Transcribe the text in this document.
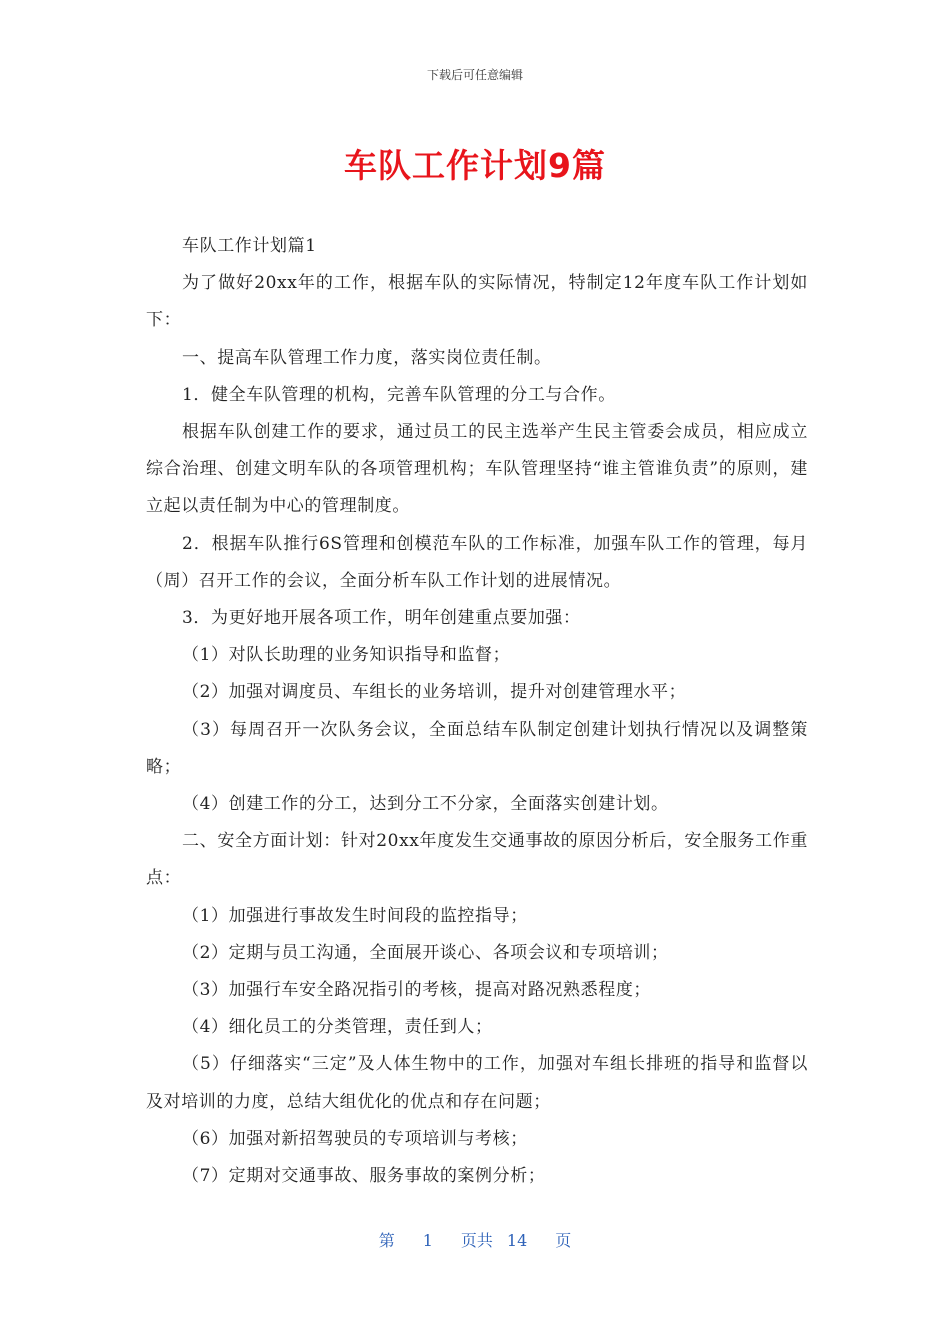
下载后可任意编辑
车队工作计划9篇

车队工作计划篇1

为了做好20xx年的工作，根据车队的实际情况，特制定12年度车队工作计划如下：

一、提高车队管理工作力度，落实岗位责任制。

1．健全车队管理的机构，完善车队管理的分工与合作。

根据车队创建工作的要求，通过员工的民主选举产生民主管委会成员，相应成立综合治理、创建文明车队的各项管理机构；车队管理坚持“谁主管谁负责”的原则，建立起以责任制为中心的管理制度。

2．根据车队推行6S管理和创模范车队的工作标准，加强车队工作的管理，每月（周）召开工作的会议，全面分析车队工作计划的进展情况。

3．为更好地开展各项工作，明年创建重点要加强：

（1）对队长助理的业务知识指导和监督；

（2）加强对调度员、车组长的业务培训，提升对创建管理水平；

（3）每周召开一次队务会议，全面总结车队制定创建计划执行情况以及调整策略；

（4）创建工作的分工，达到分工不分家，全面落实创建计划。

二、安全方面计划：针对20xx年度发生交通事故的原因分析后，安全服务工作重点：

（1）加强进行事故发生时间段的监控指导；

（2）定期与员工沟通，全面展开谈心、各项会议和专项培训；

（3）加强行车安全路况指引的考核，提高对路况熟悉程度；

（4）细化员工的分类管理，责任到人；

（5）仔细落实“三定”及人体生物中的工作，加强对车组长排班的指导和监督以及对培训的力度，总结大组优化的优点和存在问题；

（6）加强对新招驾驶员的专项培训与考核；

（7）定期对交通事故、服务事故的案例分析；

第 1 页共 14 页
